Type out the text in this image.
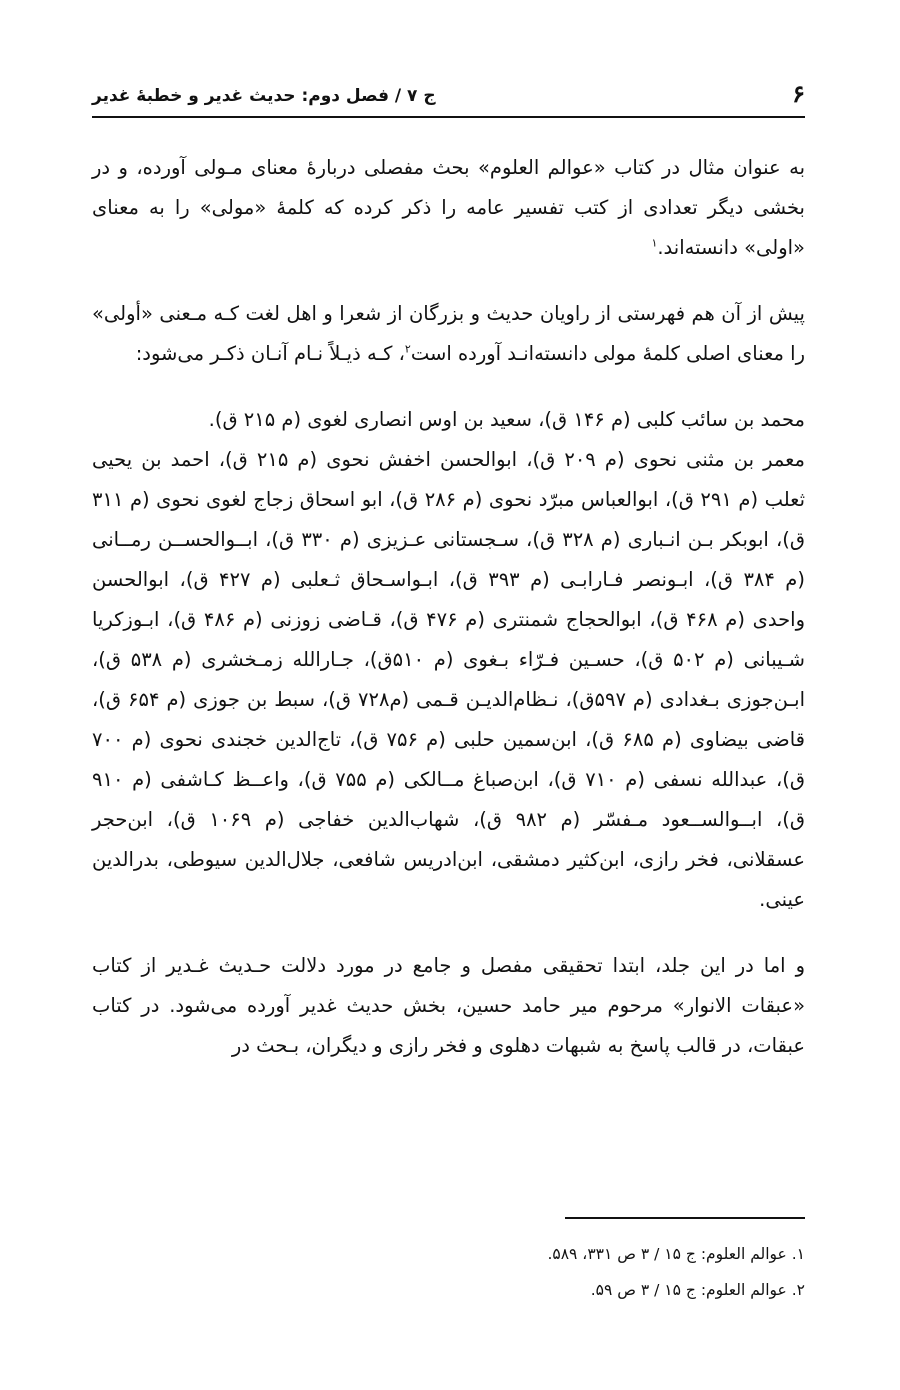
۶
ج ۷ / فصل دوم: حدیث غدیر و خطبهٔ غدیر

به عنوان مثال در کتاب «عوالم العلوم» بحث مفصلی دربارهٔ معنای مـولی آورده، و در بخشی دیگر تعدادی از کتب تفسیر عامه را ذکر کرده که کلمهٔ «مولی» را به معنای «اولی» دانسته‌اند.$^۱$

پیش از آن هم فهرستی از راویان حدیث و بزرگان از شعرا و اهل لغت کـه مـعنی «أولی» را معنای اصلی کلمهٔ مولی دانسته‌انـد آورده است$^۲$، کـه ذیـلاً نـام آنـان ذکـر می‌شود:

محمد بن سائب کلبی (م ۱۴۶ ق)، سعید بن اوس انصاری لغوی (م ۲۱۵ ق).

معمر بن مثنی نحوی (م ۲۰۹ ق)، ابوالحسن اخفش نحوی (م ۲۱۵ ق)، احمد بن یحیی ثعلب (م ۲۹۱ ق)، ابوالعباس مبرّد نحوی (م ۲۸۶ ق)، ابو اسحاق زجاج لغوی نحوی (م ۳۱۱ ق)، ابوبکر بـن انـباری (م ۳۲۸ ق)، سـجستانی عـزیزی (م ۳۳۰ ق)، ابــوالحســن رمــانی (م ۳۸۴ ق)، ابـونصر فـارابـی (م ۳۹۳ ق)، ابـواسـحاق ثـعلبی (م ۴۲۷ ق)، ابوالحسن واحدی (م ۴۶۸ ق)، ابوالحجاج شمنتری (م ۴۷۶ ق)، قـاضی زوزنی (م ۴۸۶ ق)، ابـوزکریا شـیبانی (م ۵۰۲ ق)، حسـین فـرّاء بـغوی (م ۵۱۰ق)، جـارالله زمـخشری (م ۵۳۸ ق)، ابـن‌جوزی بـغدادی (م ۵۹۷ق)، نـظام‌الدیـن قـمی (م۷۲۸ ق)، سبط بن جوزی (م ۶۵۴ ق)، قاضی بیضاوی (م ۶۸۵ ق)، ابن‌سمین حلبی (م ۷۵۶ ق)، تاج‌الدین خجندی نحوی (م ۷۰۰ ق)، عبدالله نسفی (م ۷۱۰ ق)، ابن‌صباغ مــالکی (م ۷۵۵ ق)، واعــظ کـاشفی (م ۹۱۰ ق)، ابــوالســعود مـفسّر (م ۹۸۲ ق)، شهاب‌الدین خفاجی (م ۱۰۶۹ ق)، ابن‌حجر عسقلانی، فخر رازی، ابن‌کثیر دمشقی، ابن‌ادریس شافعی، جلال‌الدین سیوطی، بدرالدین عینی.

و اما در این جلد، ابتدا تحقیقی مفصل و جامع در مورد دلالت حـدیث غـدیر از کتاب «عبقات الانوار» مرحوم میر حامد حسین، بخش حدیث غدیر آورده می‌شود. در کتاب عبقات، در قالب پاسخ به شبهات دهلوی و فخر رازی و دیگران، بـحث در

۱. عوالم العلوم: ج ۱۵ / ۳ ص ۳۳۱، ۵۸۹.
۲. عوالم العلوم: ج ۱۵ / ۳ ص ۵۹.
